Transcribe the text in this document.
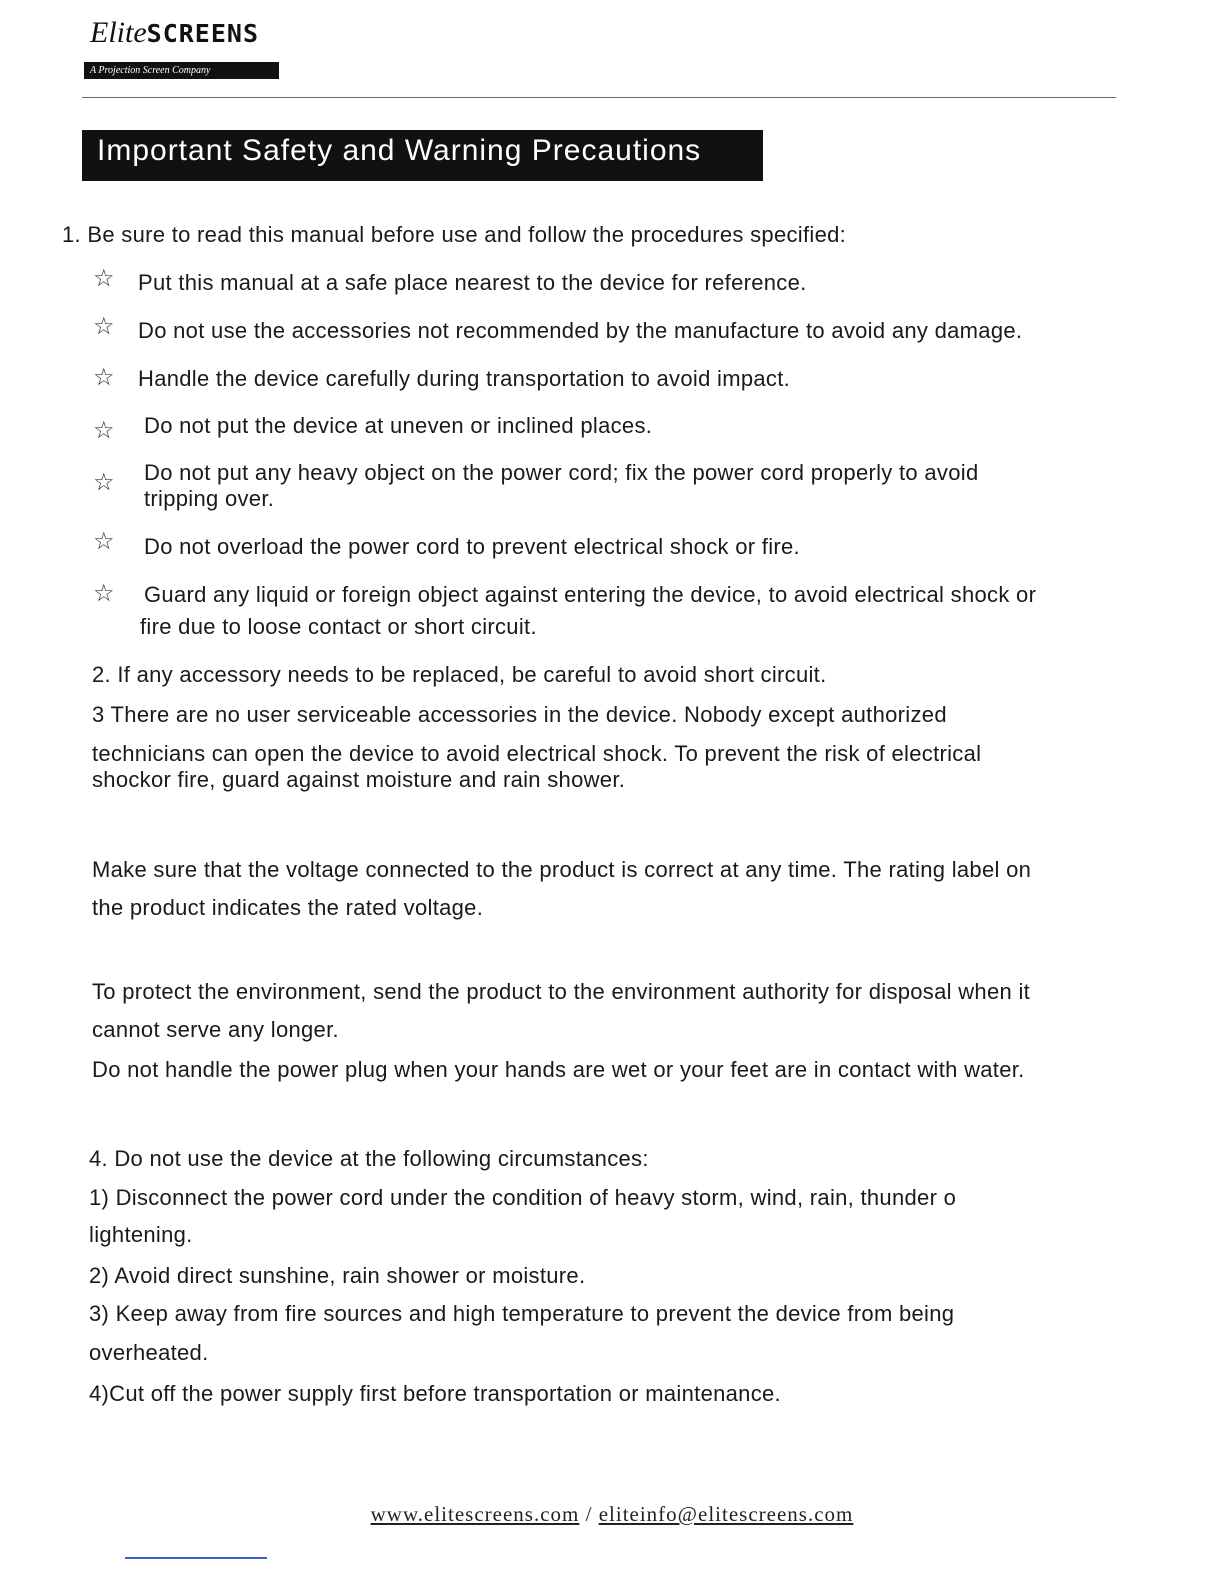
EliteSCREENS
A Projection Screen Company
Important Safety and Warning Precautions
1. Be sure to read this manual before use and follow the procedures specified:
☆ Put this manual at a safe place nearest to the device for reference.
☆ Do not use the accessories not recommended by the manufacture to avoid any damage.
☆ Handle the device carefully during transportation to avoid impact.
☆ Do not put the device at uneven or inclined places.
☆ Do not put any heavy object on the power cord; fix the power cord properly to avoid
tripping over.
☆ Do not overload the power cord to prevent electrical shock or fire.
☆ Guard any liquid or foreign object against entering the device, to avoid electrical shock or
fire due to loose contact or short circuit.
2. If any accessory needs to be replaced, be careful to avoid short circuit.
3 There are no user serviceable accessories in the device. Nobody except authorized
technicians can open the device to avoid electrical shock. To prevent the risk of electrical
shockor fire, guard against moisture and rain shower.
Make sure that the voltage connected to the product is correct at any time. The rating label on
the product indicates the rated voltage.
To protect the environment, send the product to the environment authority for disposal when it
cannot serve any longer.
Do not handle the power plug when your hands are wet or your feet are in contact with water.
4. Do not use the device at the following circumstances:
1) Disconnect the power cord under the condition of heavy storm, wind, rain, thunder o
lightening.
2) Avoid direct sunshine, rain shower or moisture.
3) Keep away from fire sources and high temperature to prevent the device from being
overheated.
4)Cut off the power supply first before transportation or maintenance.
www.elitescreens.com / eliteinfo@elitescreens.com
